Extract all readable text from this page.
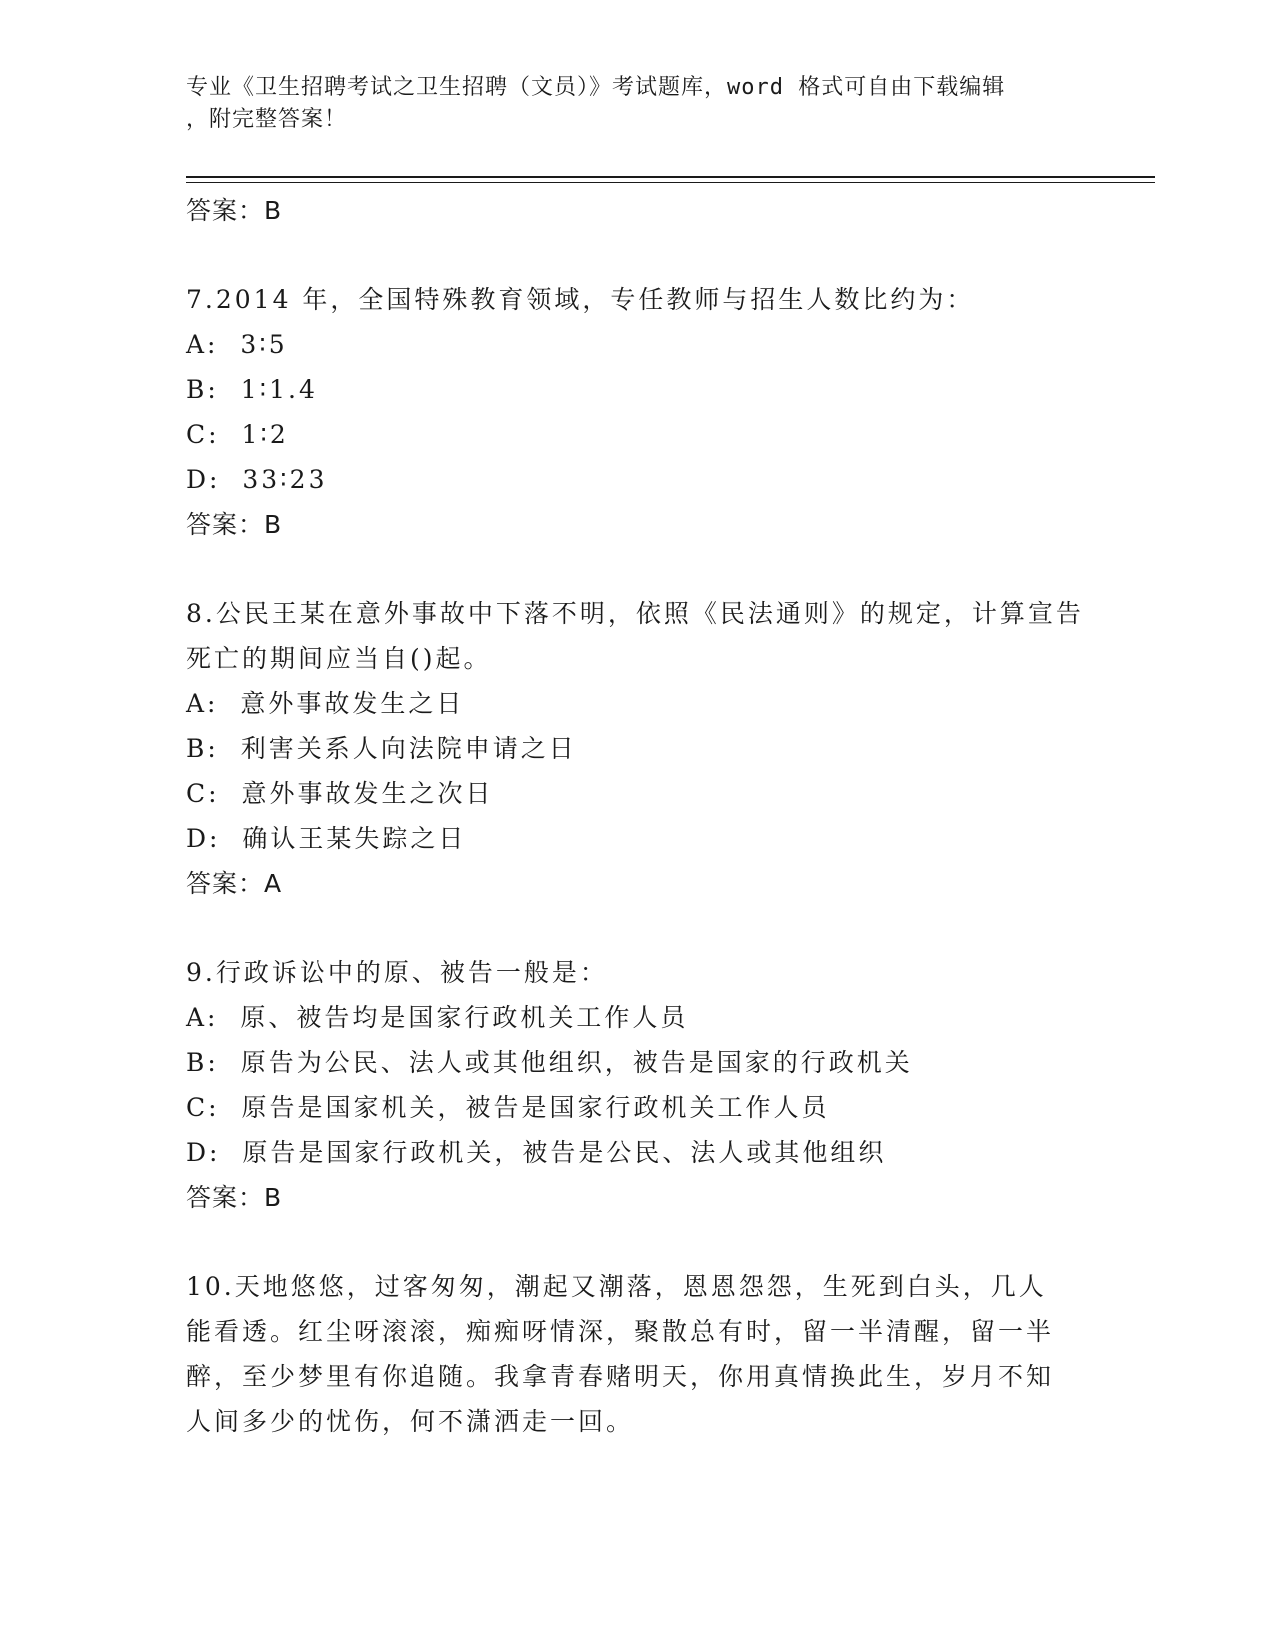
专业《卫生招聘考试之卫生招聘（文员）》考试题库，word 格式可自由下载编辑
，附完整答案！

答案：B

7.2014 年，全国特殊教育领域，专任教师与招生人数比约为：

A:  3∶5

B:  1∶1.4

C:  1∶2

D:  33∶23

答案：B

8.公民王某在意外事故中下落不明，依照《民法通则》的规定，计算宣告死亡的期间应当自()起。

A:  意外事故发生之日

B:  利害关系人向法院申请之日

C:  意外事故发生之次日

D:  确认王某失踪之日

答案：A

9.行政诉讼中的原、被告一般是：

A:  原、被告均是国家行政机关工作人员

B:  原告为公民、法人或其他组织，被告是国家的行政机关

C:  原告是国家机关，被告是国家行政机关工作人员

D:  原告是国家行政机关，被告是公民、法人或其他组织

答案：B

10.天地悠悠，过客匆匆，潮起又潮落，恩恩怨怨，生死到白头，几人能看透。红尘呀滚滚，痴痴呀情深，聚散总有时，留一半清醒，留一半醉，至少梦里有你追随。我拿青春赌明天，你用真情换此生，岁月不知人间多少的忧伤，何不潇洒走一回。
